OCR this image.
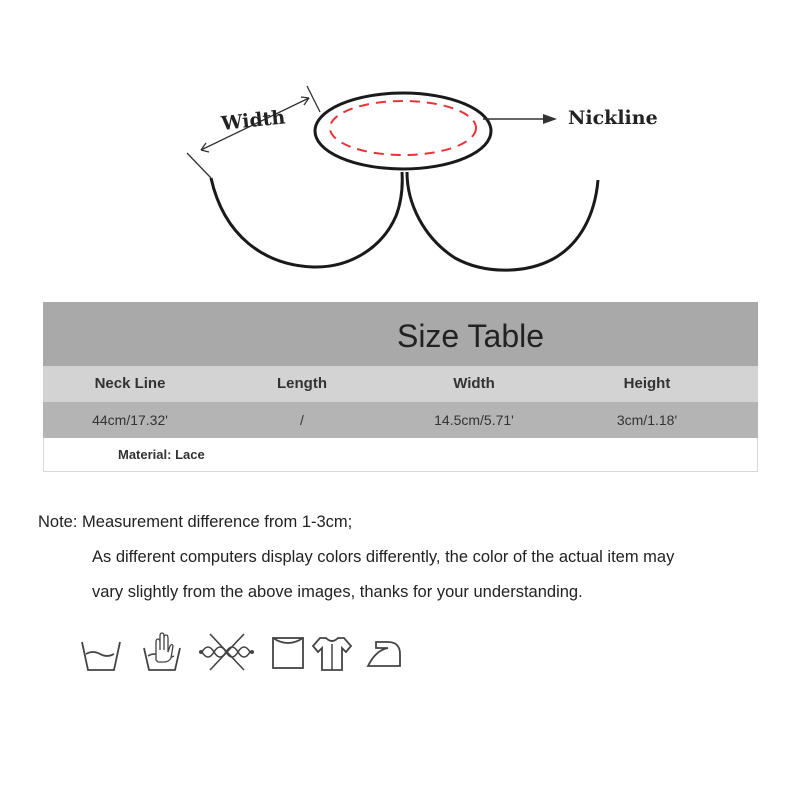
Width	Nickline
Size Table
Neck Line	Length	Width	Height
44cm/17.32'	/	14.5cm/5.71'	3cm/1.18'
Material: Lace
Note: Measurement difference from 1-3cm;
As different computers display colors differently, the color of the actual item may
vary slightly from the above images, thanks for your understanding.
